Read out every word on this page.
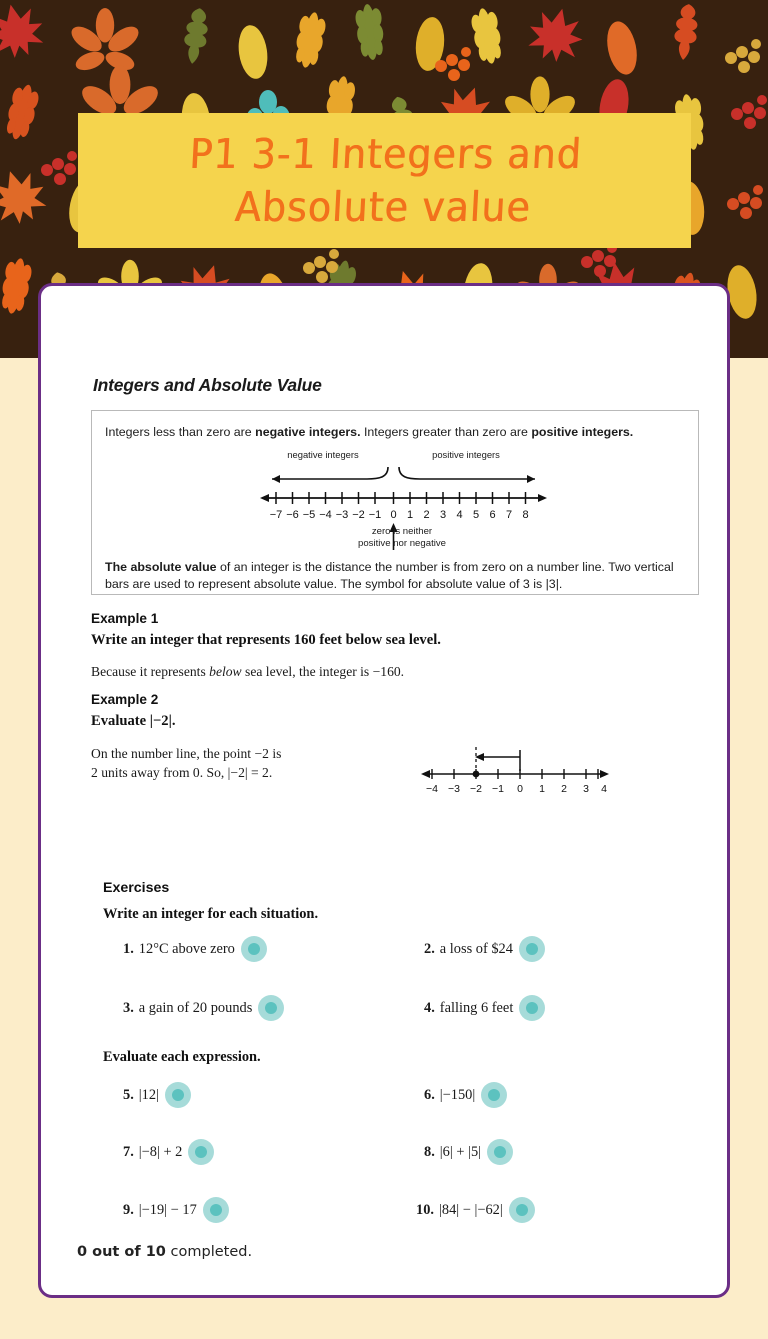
P1 3-1 Integers and
Absolute value
Integers and Absolute Value
Integers less than zero are negative integers. Integers greater than zero are positive integers.
negative integers	positive integers
−7 −6 −5 −4 −3 −2 −1 0 1 2 3 4 5 6 7 8
zero is neither
positive nor negative
The absolute value of an integer is the distance the number is from zero on a number line. Two vertical bars are used to represent absolute value. The symbol for absolute value of 3 is |3|.
Example 1
Write an integer that represents 160 feet below sea level.
Because it represents below sea level, the integer is −160.
Example 2
Evaluate |−2|.
On the number line, the point −2 is
2 units away from 0. So, |−2| = 2.
−4 −3 −2 −1 0 1 2 3 4
Exercises
Write an integer for each situation.
1. 12°C above zero	2. a loss of $24
3. a gain of 20 pounds	4. falling 6 feet
Evaluate each expression.
5. |12|	6. |−150|
7. |−8| + 2	8. |6| + |5|
9. |−19| − 17	10. |84| − |−62|
0 out of 10 completed.
